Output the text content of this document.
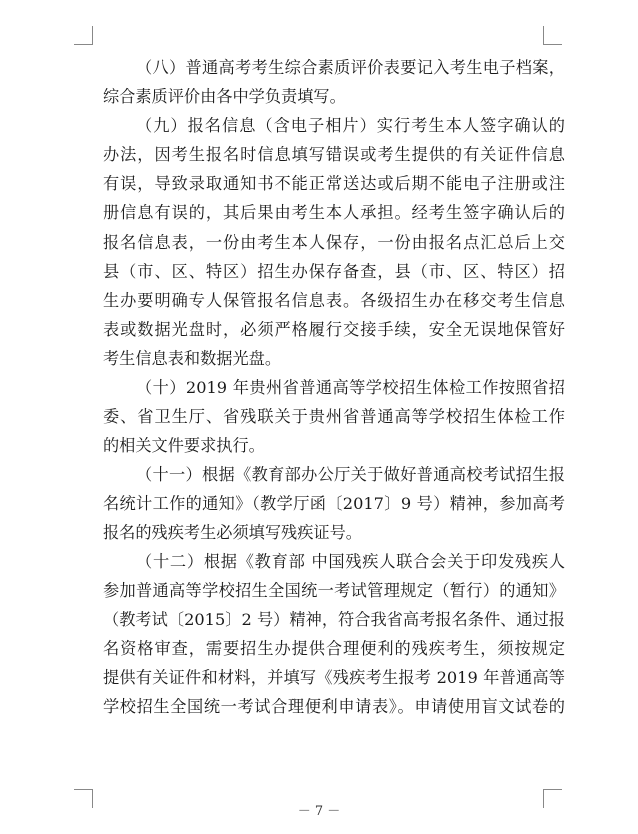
（八）普通高考考生综合素质评价表要记入考生电子档案，
综合素质评价由各中学负责填写。
（九）报名信息（含电子相片）实行考生本人签字确认的
办法，因考生报名时信息填写错误或考生提供的有关证件信息
有误，导致录取通知书不能正常送达或后期不能电子注册或注
册信息有误的，其后果由考生本人承担。经考生签字确认后的
报名信息表，一份由考生本人保存，一份由报名点汇总后上交
县（市、区、特区）招生办保存备查，县（市、区、特区）招
生办要明确专人保管报名信息表。各级招生办在移交考生信息
表或数据光盘时，必须严格履行交接手续，安全无误地保管好
考生信息表和数据光盘。
（十）2019 年贵州省普通高等学校招生体检工作按照省招
委、省卫生厅、省残联关于贵州省普通高等学校招生体检工作
的相关文件要求执行。
（十一）根据《教育部办公厅关于做好普通高校考试招生报
名统计工作的通知》（教学厅函〔2017〕9 号）精神，参加高考
报名的残疾考生必须填写残疾证号。
（十二）根据《教育部 中国残疾人联合会关于印发残疾人
参加普通高等学校招生全国统一考试管理规定（暂行）的通知》
（教考试〔2015〕2 号）精神，符合我省高考报名条件、通过报
名资格审查，需要招生办提供合理便利的残疾考生，须按规定
提供有关证件和材料，并填写《残疾考生报考 2019 年普通高等
学校招生全国统一考试合理便利申请表》。申请使用盲文试卷的
－ 7 －
